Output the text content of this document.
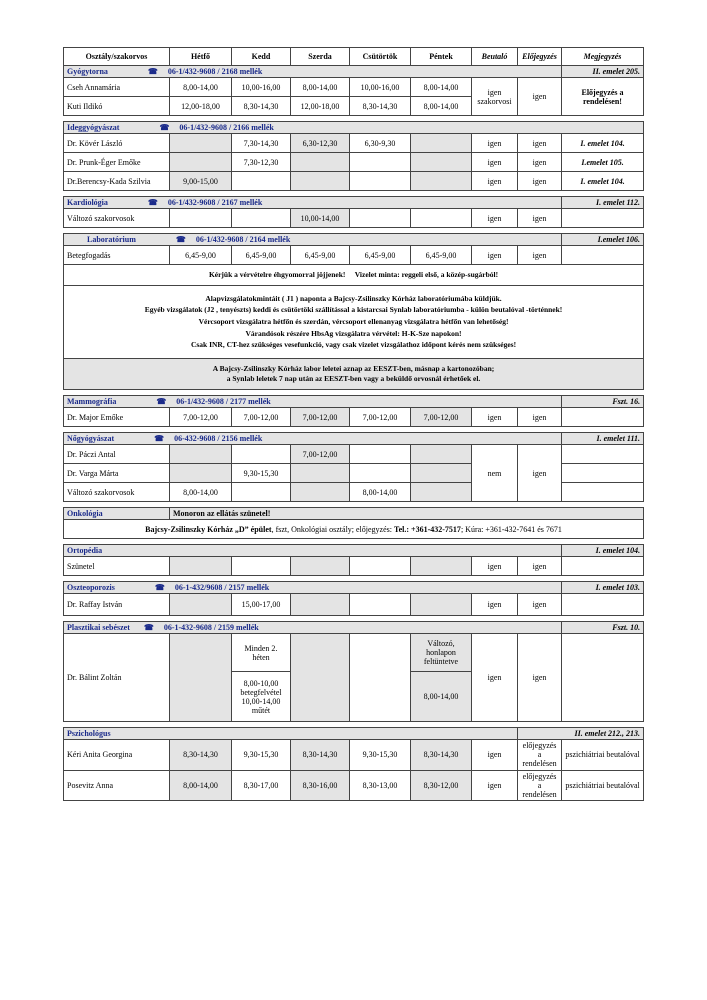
Osztály/szakorvos	Hétfő	Kedd	Szerda	Csütörtök	Péntek	Beutaló	Előjegyzés	Megjegyzés
Gyógytorna ☎ 06-1/432-9608 / 2168 mellék								II. emelet 205.
Cseh Annamária	8,00-14,00	10,00-16,00	8,00-14,00	10,00-16,00	8,00-14,00	igen szakorvosi	igen	Előjegyzés a rendelésen!
Kuti Ildikó	12,00-18,00	8,30-14,30	12,00-18,00	8,30-14,30	8,00-14,00			
Ideggyógyászat ☎ 06-1/432-9608 / 2166 mellék								
Dr. Kövér László		7,30-14,30	6,30-12,30	6,30-9,30		igen	igen	I. emelet 104.
Dr. Prunk-Éger Emőke		7,30-12,30				igen	igen	I.emelet 105.
Dr.Berencsy-Kada Szilvia	9,00-15,00					igen	igen	I. emelet 104.
Kardiológia ☎ 06-1/432-9608 / 2167 mellék								I. emelet 112.
Változó szakorvosok			10,00-14,00			igen	igen	
Laboratórium ☎ 06-1/432-9608 / 2164 mellék								I.emelet 106.
Betegfogadás	6,45-9,00	6,45-9,00	6,45-9,00	6,45-9,00	6,45-9,00	igen	igen	
Kérjük a vérvételre éhgyomorral jöjjenek! Vizelet minta: reggeli első, a közép-sugárból!								

Alapvizsgálatokmintáit ( J1 ) naponta a Bajcsy-Zsilinszky Kórház laboratóriumába küldjük.
Egyéb vizsgálatok (J2 , tenyészts) keddi és csütörtöki szállítással a kistarcsai Synlab laboratóriumba - külön beutalóval -történnek!
Vércsoport vizsgálatra hétfőn és szerdán, vércsoport ellenanyag vizsgálatra hétfőn van lehetőség!
Várandósok részére HbsAg vizsgálatra vérvétel: H-K-Sze napokon!
Csak INR, CT-hez szükséges vesefunkció, vagy csak vizelet vizsgálathoz időpont kérés nem szükséges!								

A Bajcsy-Zsilinszky Kórház labor leletei aznap az EESZT-ben, másnap a kartonozóban;
a Synlab leletek 7 nap után az EESZT-ben vagy a beküldő orvosnál érhetőek el.								
Mammográfia ☎ 06-1/432-9608 / 2177 mellék								Fszt. 16.
Dr. Major Emőke	7,00-12,00	7,00-12,00	7,00-12,00	7,00-12,00	7,00-12,00	igen	igen	
Nőgyógyászat ☎ 06-432-9608 / 2156 mellék								I. emelet 111.
Dr. Páczi Antal			7,00-12,00			nem	igen	
Dr. Varga Márta		9,30-15,30						
Változó szakorvosok	8,00-14,00			8,00-14,00				
Onkológia	Monoron az ellátás szünetel!
Bajcsy-Zsilinszky Kórház „D” épület, fszt, Onkológiai osztály; előjegyzés: Tel.: +361-432-7517; Kúra: +361-432-7641 és 7671
Ortopédia								I. emelet 104.
Szünetel						igen	igen	
Oszteoporozis ☎ 06-1-432/9608 / 2157 mellék								I. emelet 103.
Dr. Raffay István		15,00-17,00				igen	igen	
Plasztikai sebészet ☎ 06-1-432-9608 / 2159 mellék								Fszt. 10.
Dr. Bálint Zoltán		Minden 2. héten			Változó, honlapon feltüntetve	igen	igen	
		8,00-10,00 betegfelvétel 10,00-14,00 műtét			8,00-14,00			
Pszichológus							II. emelet 212., 213.	
Kéri Anita Georgina	8,30-14,30	9,30-15,30	8,30-14,30	9,30-15,30	8,30-14,30	igen	előjegyzés a rendelésen	pszichiátriai beutalóval
Posevitz Anna	8,00-14,00	8,30-17,00	8,30-16,00	8,30-13,00	8,30-12,00	igen	előjegyzés a rendelésen	pszichiátriai beutalóval
